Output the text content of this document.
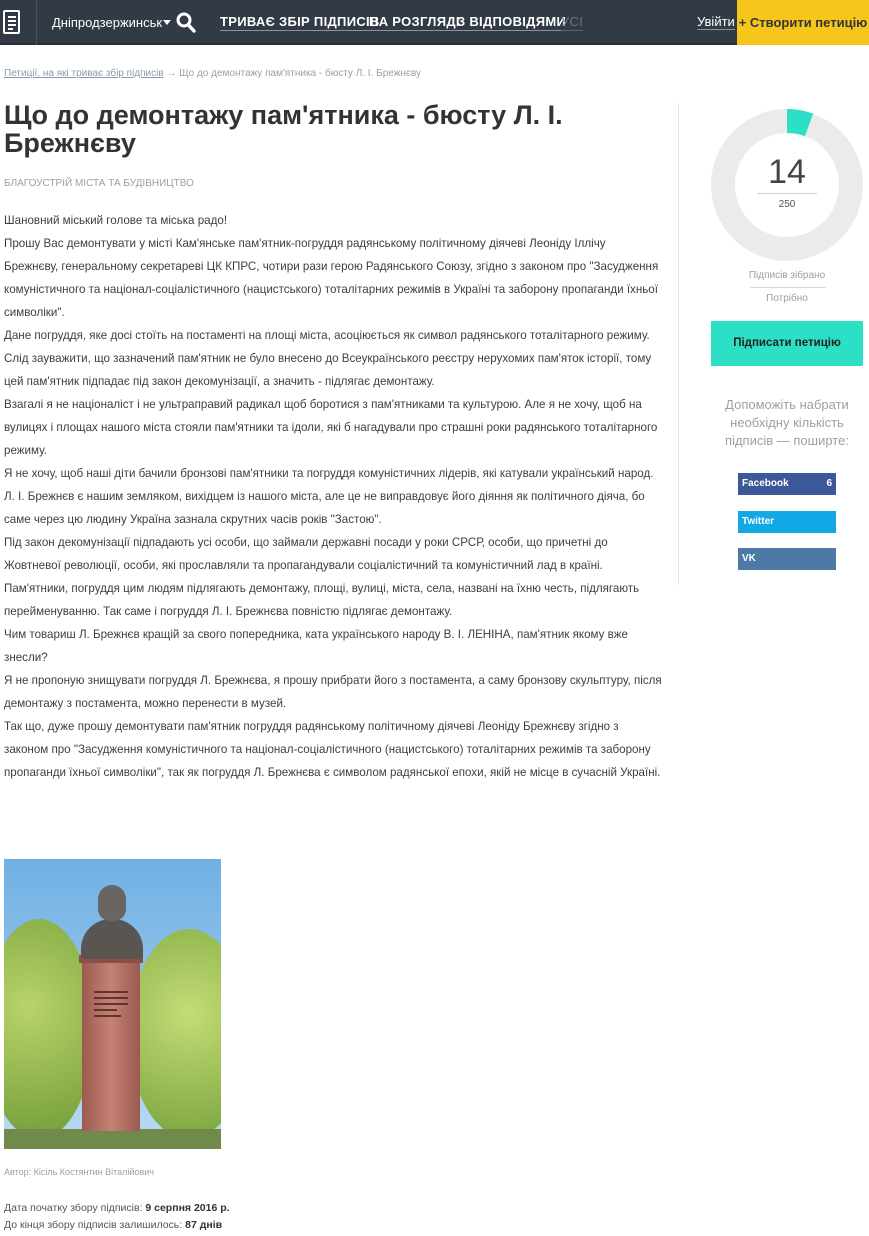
Дніпродзержинськ	ТРИВАЄ ЗБІР ПІДПИСІВ
НА РОЗГЛЯДІ
З ВІДПОВІДЯМИ
УСІ	Увійти + Створити петицію
Петиції, на які триває збір підписів → Що до демонтажу пам'ятника - бюсту Л. І. Брежнєву
Що до демонтажу пам'ятника - бюсту Л. І. Брежнєву
БЛАГОУСТРІЙ МІСТА ТА БУДІВНИЦТВО

Шановний міський голове та міська радо!

Прошу Вас демонтувати у місті Кам'янське пам'ятник-погруддя радянському політичному діячеві Леоніду Іллічу Брежнєву, генеральному секретареві ЦК КПРС, чотири рази герою Радянського Союзу, згідно з законом про "Засудження комуністичного та націонал-соціалістичного (нацистського) тоталітарних режимів в Україні та заборону пропаганди їхньої символіки".

Дане погруддя, яке досі стоїть на постаменті на площі міста, асоціюється як символ радянського тоталітарного режиму.

Слід зауважити, що зазначений пам'ятник не було внесено до Всеукраїнського реєстру нерухомих пам'яток історії, тому цей пам'ятник підпадає під закон декомунізації, а значить - підлягає демонтажу.

Взагалі я не націоналіст і не ультраправий радикал щоб боротися з пам'ятниками та культурою. Але я не хочу, щоб на вулицях і площах нашого міста стояли пам'ятники та ідоли, які б нагадували про страшні роки радянського тоталітарного режиму.

Я не хочу, щоб наші діти бачили бронзові пам'ятники та погруддя комуністичних лідерів, які катували український народ.

Л. І. Брежнєв є нашим земляком, вихідцем із нашого міста, але це не виправдовує його діяння як політичного діяча, бо саме через цю людину Україна зазнала скрутних часів років "Застою".

Під закон декомунізації підпадають усі особи, що займали державні посади у роки СРСР, особи, що причетні до Жовтневої революції, особи, які прославляли та пропагандували соціалістичний та комуністичний лад в країні. Пам'ятники, погруддя цим людям підлягають демонтажу, площі, вулиці, міста, села, названі на їхню честь, підлягають перейменуванню. Так саме і погруддя Л. І. Брежнєва повністю підлягає демонтажу.

Чим товариш Л. Брежнєв кращій за свого попередника, ката українського народу В. І. ЛЕНІНА, пам'ятник якому вже знесли?

Я не пропоную знищувати погруддя Л. Брежнєва, я прошу прибрати його з постамента, а саму бронзову скульптуру, після демонтажу з постамента, можно перенести в музей.

Так що, дуже прошу демонтувати пам'ятник погруддя радянському політичному діячеві Леоніду Брежнєву згідно з законом про "Засудження комуністичного та націонал-соціалістичного (нацистського) тоталітарних режимів та заборону пропаганди їхньої символіки", так як погруддя Л. Брежнєва є символом радянської епохи, якій не місце в сучасній Україні.

Автор: Кісіль Костянтин Віталійович
Дата початку збору підписів: 9 серпня 2016 р.
До кінця збору підписів залишилось: 87 днів
14
250
Підписів зібрано
Потрібно
Підписати петицію
Допоможіть набрати необхідну кількість підписів — поширте:
Facebook	6
Twitter
VK
